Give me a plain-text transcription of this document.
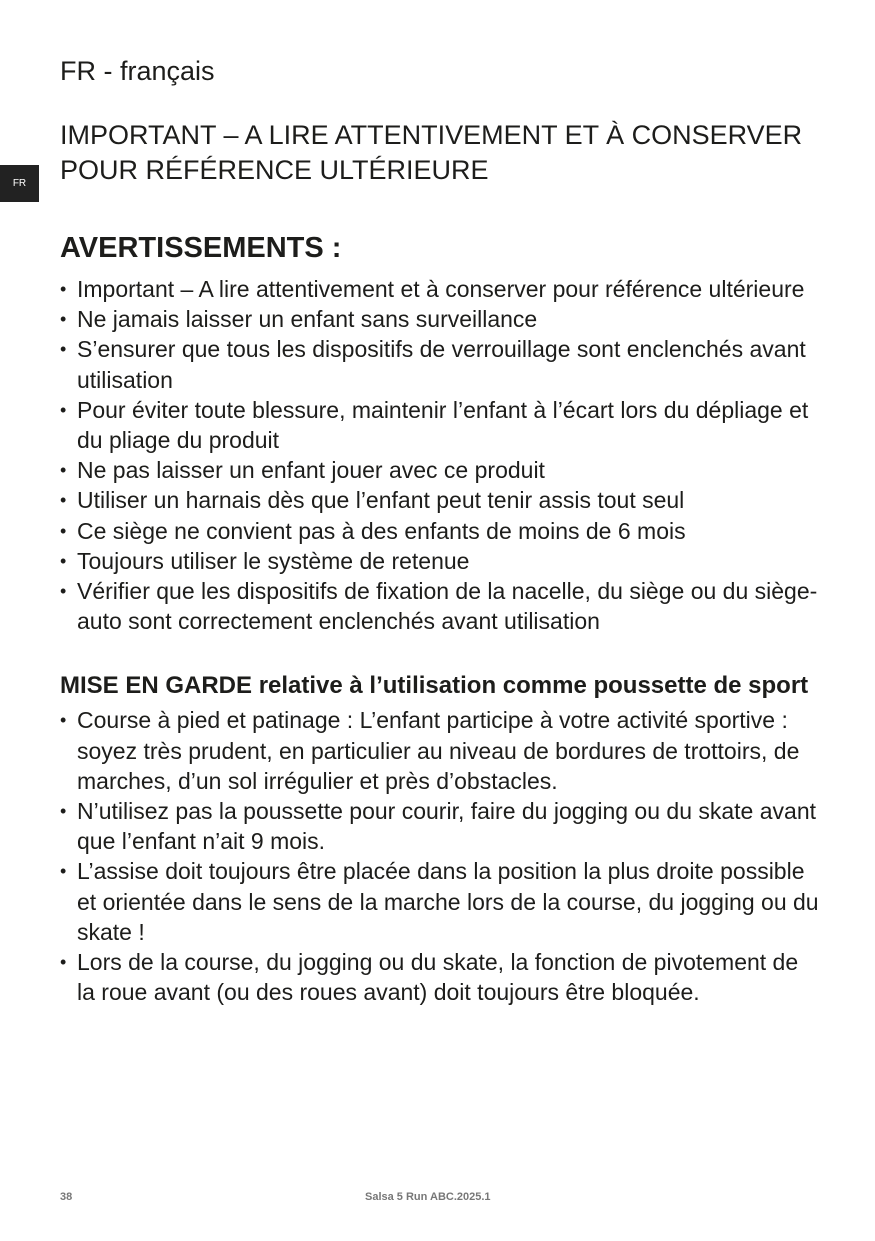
FR - français
FR
IMPORTANT – A LIRE ATTENTIVEMENT ET À CONSERVER POUR RÉFÉRENCE ULTÉRIEURE
AVERTISSEMENTS :
• Important – A lire attentivement et à conserver pour référence ultérieure
• Ne jamais laisser un enfant sans surveillance
• S’ensurer que tous les dispositifs de verrouillage sont enclenchés avant utilisation
• Pour éviter toute blessure, maintenir l’enfant à l’écart lors du dépliage et du pliage du produit
• Ne pas laisser un enfant jouer avec ce produit
• Utiliser un harnais dès que l’enfant peut tenir assis tout seul
• Ce siège ne convient pas à des enfants de moins de 6 mois
• Toujours utiliser le système de retenue
• Vérifier que les dispositifs de fixation de la nacelle, du siège ou du siège-auto sont correctement enclenchés avant utilisation
MISE EN GARDE relative à l’utilisation comme poussette de sport
• Course à pied et patinage : L’enfant participe à votre activité sportive : soyez très prudent, en particulier au niveau de bordures de trottoirs, de marches, d’un sol irrégulier et près d’obstacles.
• N’utilisez pas la poussette pour courir, faire du jogging ou du skate avant que l’enfant n’ait 9 mois.
• L’assise doit toujours être placée dans la position la plus droite possible et orientée dans le sens de la marche lors de la course, du jogging ou du skate !
• Lors de la course, du jogging ou du skate, la fonction de pivotement de la roue avant (ou des roues avant) doit toujours être bloquée.
38	Salsa 5 Run ABC.2025.1
